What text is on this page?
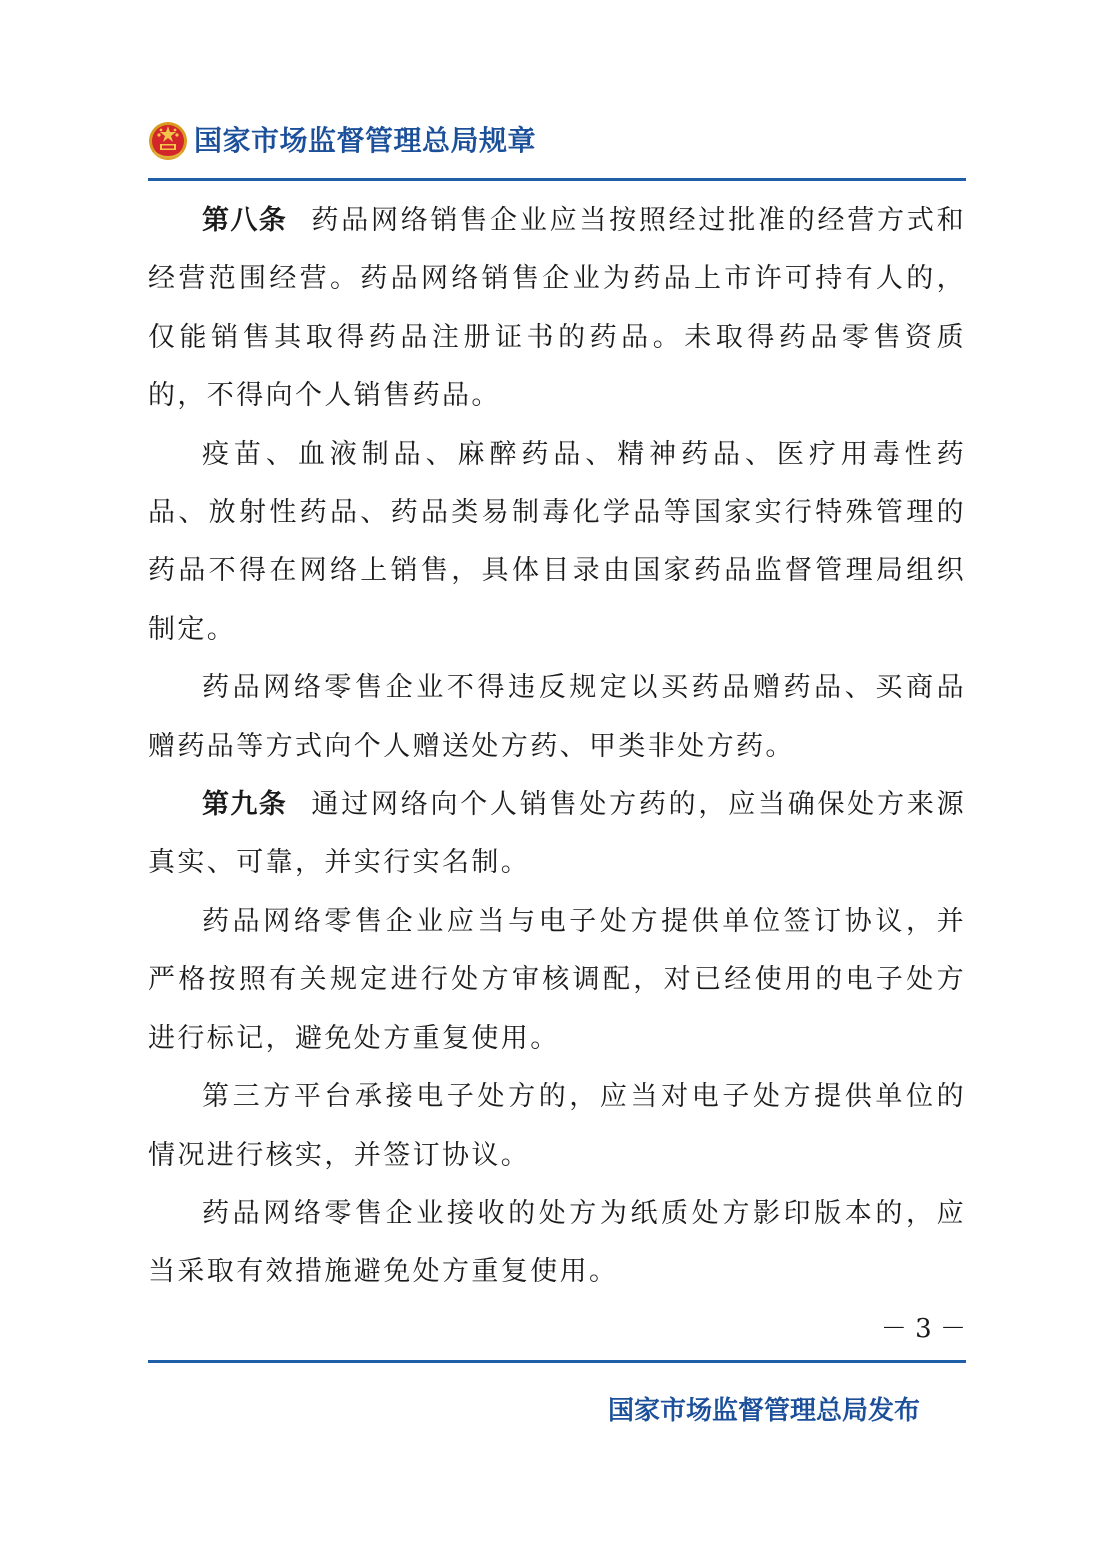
国家市场监督管理总局规章

第八条 药品网络销售企业应当按照经过批准的经营方式和经营范围经营。药品网络销售企业为药品上市许可持有人的，仅能销售其取得药品注册证书的药品。未取得药品零售资质的，不得向个人销售药品。

疫苗、血液制品、麻醉药品、精神药品、医疗用毒性药品、放射性药品、药品类易制毒化学品等国家实行特殊管理的药品不得在网络上销售，具体目录由国家药品监督管理局组织制定。

药品网络零售企业不得违反规定以买药品赠药品、买商品赠药品等方式向个人赠送处方药、甲类非处方药。

第九条 通过网络向个人销售处方药的，应当确保处方来源真实、可靠，并实行实名制。

药品网络零售企业应当与电子处方提供单位签订协议，并严格按照有关规定进行处方审核调配，对已经使用的电子处方进行标记，避免处方重复使用。

第三方平台承接电子处方的，应当对电子处方提供单位的情况进行核实，并签订协议。

药品网络零售企业接收的处方为纸质处方影印版本的，应当采取有效措施避免处方重复使用。

－ 3 －
国家市场监督管理总局发布
